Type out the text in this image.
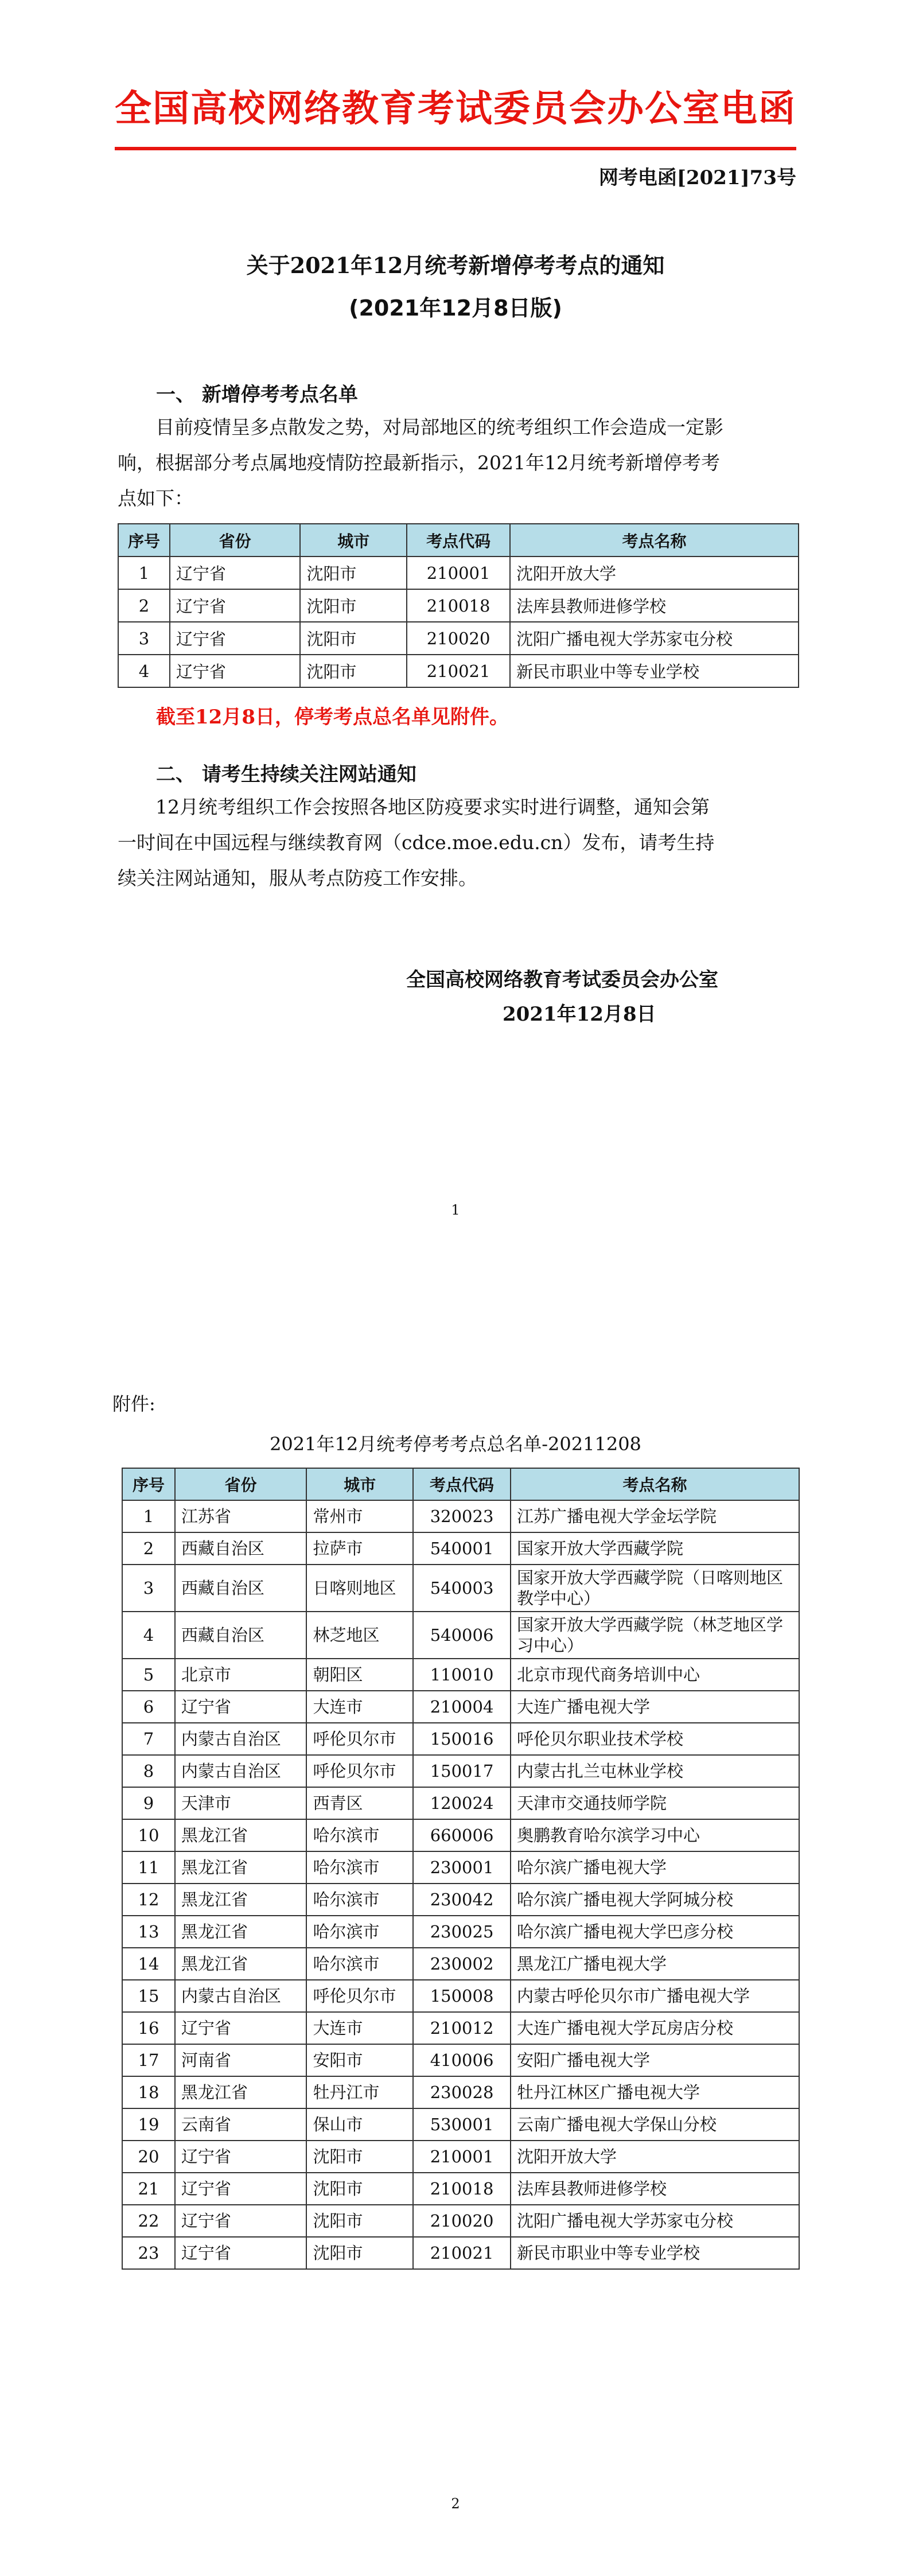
全国高校网络教育考试委员会办公室电函
网考电函[2021]73号
关于2021年12月统考新增停考考点的通知
(2021年12月8日版)
一、 新增停考考点名单
目前疫情呈多点散发之势，对局部地区的统考组织工作会造成一定影
响，根据部分考点属地疫情防控最新指示，2021年12月统考新增停考考
点如下：
序号	省份	城市	考点代码	考点名称
1	辽宁省	沈阳市	210001	沈阳开放大学
2	辽宁省	沈阳市	210018	法库县教师进修学校
3	辽宁省	沈阳市	210020	沈阳广播电视大学苏家屯分校
4	辽宁省	沈阳市	210021	新民市职业中等专业学校
截至12月8日，停考考点总名单见附件。
二、 请考生持续关注网站通知
12月统考组织工作会按照各地区防疫要求实时进行调整，通知会第
一时间在中国远程与继续教育网（cdce.moe.edu.cn）发布，请考生持
续关注网站通知，服从考点防疫工作安排。
全国高校网络教育考试委员会办公室
2021年12月8日
1
附件:
2021年12月统考停考考点总名单-20211208
序号	省份	城市	考点代码	考点名称
1	江苏省	常州市	320023	江苏广播电视大学金坛学院
2	西藏自治区	拉萨市	540001	国家开放大学西藏学院
3	西藏自治区	日喀则地区	540003	国家开放大学西藏学院（日喀则地区教学中心）
4	西藏自治区	林芝地区	540006	国家开放大学西藏学院（林芝地区学习中心）
5	北京市	朝阳区	110010	北京市现代商务培训中心
6	辽宁省	大连市	210004	大连广播电视大学
7	内蒙古自治区	呼伦贝尔市	150016	呼伦贝尔职业技术学校
8	内蒙古自治区	呼伦贝尔市	150017	内蒙古扎兰屯林业学校
9	天津市	西青区	120024	天津市交通技师学院
10	黑龙江省	哈尔滨市	660006	奥鹏教育哈尔滨学习中心
11	黑龙江省	哈尔滨市	230001	哈尔滨广播电视大学
12	黑龙江省	哈尔滨市	230042	哈尔滨广播电视大学阿城分校
13	黑龙江省	哈尔滨市	230025	哈尔滨广播电视大学巴彦分校
14	黑龙江省	哈尔滨市	230002	黑龙江广播电视大学
15	内蒙古自治区	呼伦贝尔市	150008	内蒙古呼伦贝尔市广播电视大学
16	辽宁省	大连市	210012	大连广播电视大学瓦房店分校
17	河南省	安阳市	410006	安阳广播电视大学
18	黑龙江省	牡丹江市	230028	牡丹江林区广播电视大学
19	云南省	保山市	530001	云南广播电视大学保山分校
20	辽宁省	沈阳市	210001	沈阳开放大学
21	辽宁省	沈阳市	210018	法库县教师进修学校
22	辽宁省	沈阳市	210020	沈阳广播电视大学苏家屯分校
23	辽宁省	沈阳市	210021	新民市职业中等专业学校
2
